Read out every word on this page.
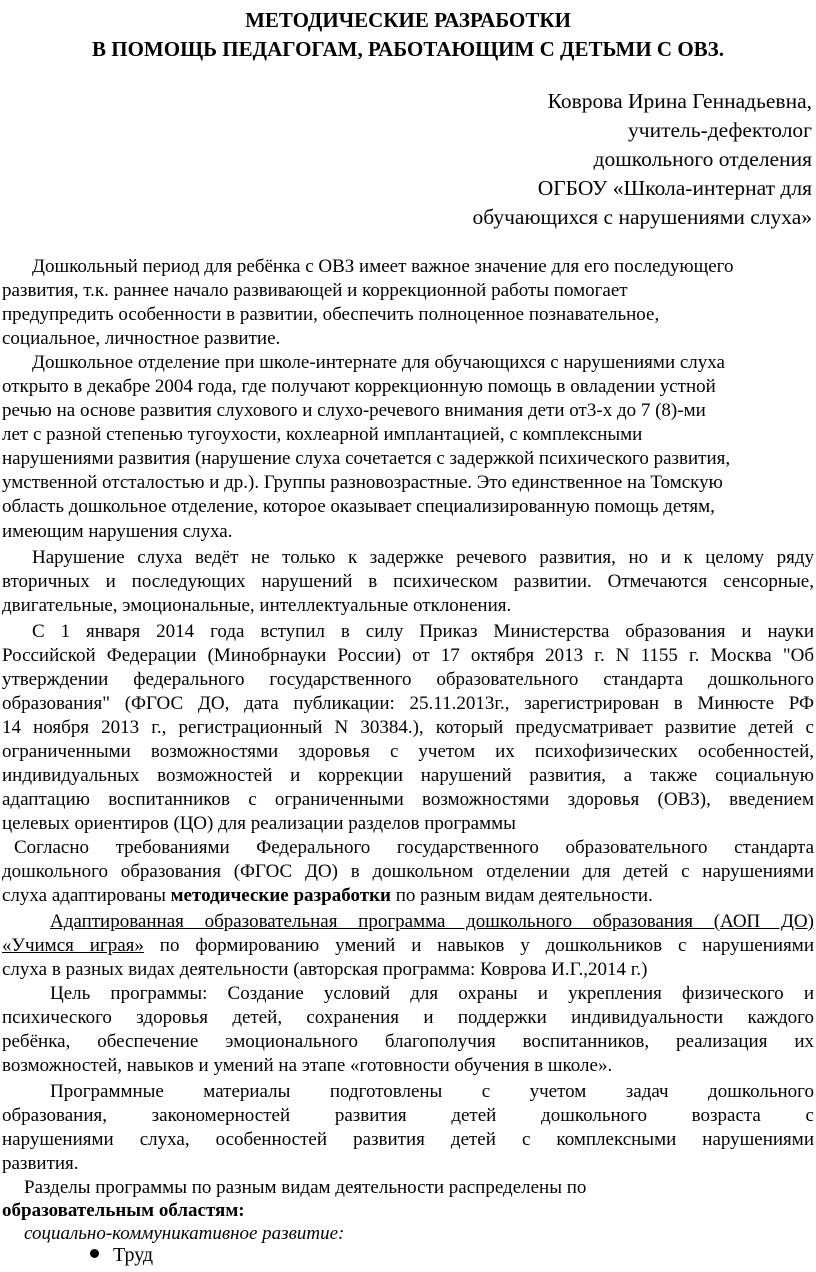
МЕТОДИЧЕСКИЕ РАЗРАБОТКИ
В ПОМОЩЬ ПЕДАГОГАМ, РАБОТАЮЩИМ С ДЕТЬМИ С ОВЗ.
Коврова Ирина Геннадьевна,
учитель-дефектолог
дошкольного отделения
ОГБОУ «Школа-интернат для
обучающихся с нарушениями слуха»
Дошкольный период для ребёнка с ОВЗ имеет важное значение для его последующего
развития, т.к. раннее начало развивающей и коррекционной работы помогает
предупредить особенности в развитии, обеспечить полноценное познавательное,
социальное, личностное развитие.
Дошкольное отделение при школе-интернате для обучающихся с нарушениями слуха
открыто в декабре 2004 года, где получают коррекционную помощь в овладении устной
речью на основе развития слухового и слухо-речевого внимания дети от3-х до 7 (8)-ми
лет с разной степенью тугоухости, кохлеарной имплантацией, с комплексными
нарушениями развития (нарушение слуха сочетается с задержкой психического развития,
умственной отсталостью и др.). Группы разновозрастные. Это единственное на Томскую
область дошкольное отделение, которое оказывает специализированную помощь детям,
имеющим нарушения слуха.
Нарушение слуха ведёт не только к задержке речевого развития, но и к целому ряду
вторичных и последующих нарушений в психическом развитии. Отмечаются сенсорные,
двигательные, эмоциональные, интеллектуальные отклонения.
С 1 января 2014 года вступил в силу Приказ Министерства образования и науки
Российской Федерации (Минобрнауки России) от 17 октября 2013 г. N 1155 г. Москва "Об
утверждении федерального государственного образовательного стандарта дошкольного
образования" (ФГОС ДО, дата публикации: 25.11.2013г., зарегистрирован в Минюсте РФ
14 ноября 2013 г., регистрационный N 30384.), который предусматривает развитие детей с
ограниченными возможностями здоровья с учетом их психофизических особенностей,
индивидуальных возможностей и коррекции нарушений развития, а также социальную
адаптацию воспитанников с ограниченными возможностями здоровья (ОВЗ), введением
целевых ориентиров (ЦО) для реализации разделов программы
Согласно требованиями Федерального государственного образовательного стандарта
дошкольного образования (ФГОС ДО) в дошкольном отделении для детей с нарушениями
слуха адаптированы методические разработки по разным видам деятельности.
Адаптированная образовательная программа дошкольного образования (АОП ДО)
«Учимся играя» по формированию умений и навыков у дошкольников с нарушениями
слуха в разных видах деятельности (авторская программа: Коврова И.Г.,2014 г.)
Цель программы: Создание условий для охраны и укрепления физического и
психического здоровья детей, сохранения и поддержки индивидуальности каждого
ребёнка, обеспечение эмоционального благополучия воспитанников, реализация их
возможностей, навыков и умений на этапе «готовности обучения в школе».
Программные материалы подготовлены с учетом задач дошкольного
образования, закономерностей развития детей дошкольного возраста с
нарушениями слуха, особенностей развития детей с комплексными нарушениями
развития.
Разделы программы по разным видам деятельности распределены по
образовательным областям:
социально-коммуникативное развитие:
Труд
